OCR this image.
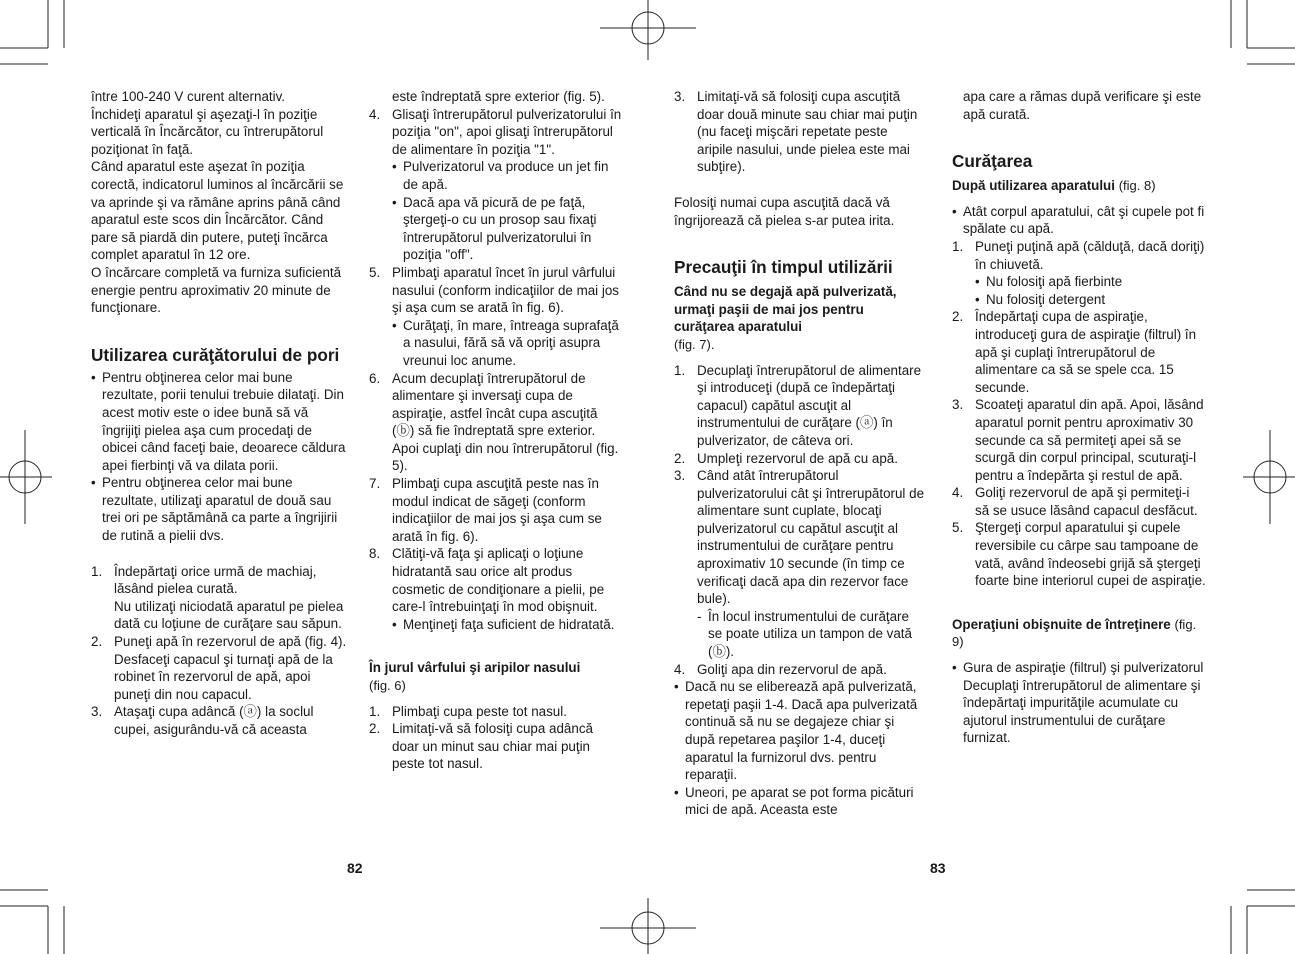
între 100-240 V curent alternativ.

Închideţi aparatul şi aşezaţi-l în poziţie verticală în Încărcător, cu întrerupătorul poziţionat în faţă.

Când aparatul este aşezat în poziţia corectă, indicatorul luminos al încărcării se va aprinde şi va rămâne aprins până când aparatul este scos din Încărcător. Când pare să piardă din putere, puteţi încărca complet aparatul în 12 ore.

O încărcare completă va furniza suficientă energie pentru aproximativ 20 minute de funcţionare.

Utilizarea curăţătorului de pori
• Pentru obţinerea celor mai bune rezultate, porii tenului trebuie dilataţi. Din acest motiv este o idee bună să vă îngrijiţi pielea aşa cum procedaţi de obicei când faceţi baie, deoarece căldura apei fierbinţi vă va dilata porii.
• Pentru obţinerea celor mai bune rezultate, utilizaţi aparatul de două sau trei ori pe săptămână ca parte a îngrijirii de rutină a pielii dvs.
1. Îndepărtaţi orice urmă de machiaj, lăsând pielea curată.
Nu utilizaţi niciodată aparatul pe pielea dată cu loţiune de curăţare sau săpun.
2. Puneţi apă în rezervorul de apă (fig. 4).
Desfaceţi capacul şi turnaţi apă de la robinet în rezervorul de apă, apoi puneţi din nou capacul.
3. Ataşaţi cupa adâncă (ⓐ) la soclul cupei, asigurându-vă că aceasta

este îndreptată spre exterior (fig. 5).

4. Glisaţi întrerupătorul pulverizatorului în poziţia "on", apoi glisaţi întrerupătorul de alimentare în poziţia "1".
• Pulverizatorul va produce un jet fin de apă.
• Dacă apa vă picură de pe faţă, ştergeţi-o cu un prosop sau fixaţi întrerupătorul pulverizatorului în poziţia "off".
5. Plimbaţi aparatul încet în jurul vârfului nasului (conform indicaţiilor de mai jos şi aşa cum se arată în fig. 6).
• Curăţaţi, în mare, întreaga suprafaţă a nasului, fără să vă opriţi asupra vreunui loc anume.
6. Acum decuplaţi întrerupătorul de alimentare şi inversaţi cupa de aspiraţie, astfel încât cupa ascuţită (ⓑ) să fie îndreptată spre exterior. Apoi cuplaţi din nou întrerupătorul (fig. 5).
7. Plimbaţi cupa ascuţită peste nas în modul indicat de săgeţi (conform indicaţiilor de mai jos şi aşa cum se arată în fig. 6).
8. Clătiţi-vă faţa şi aplicaţi o loţiune hidratantă sau orice alt produs cosmetic de condiţionare a pielii, pe care-l întrebuinţaţi în mod obişnuit.
• Menţineţi faţa suficient de hidratată.

În jurul vârfului şi aripilor nasului

(fig. 6)

1. Plimbaţi cupa peste tot nasul.
2. Limitaţi-vă să folosiţi cupa adâncă doar un minut sau chiar mai puţin peste tot nasul.
3. Limitaţi-vă să folosiţi cupa ascuţită doar două minute sau chiar mai puţin (nu faceţi mişcări repetate peste aripile nasului, unde pielea este mai subţire).

Folosiţi numai cupa ascuţită dacă vă îngrijorează că pielea s-ar putea irita.

Precauţii în timpul utilizării

Când nu se degajă apă pulverizată, urmaţi paşii de mai jos pentru curăţarea aparatului

(fig. 7).

1. Decuplaţi întrerupătorul de alimentare şi introduceţi (după ce îndepărtaţi capacul) capătul ascuţit al instrumentului de curăţare (ⓐ) în pulverizator, de câteva ori.
2. Umpleţi rezervorul de apă cu apă.
3. Când atât întrerupătorul pulverizatorului cât şi întrerupătorul de alimentare sunt cuplate, blocaţi pulverizatorul cu capătul ascuţit al instrumentului de curăţare pentru aproximativ 10 secunde (în timp ce verificaţi dacă apa din rezervor face bule).
- În locul instrumentului de curăţare se poate utiliza un tampon de vată (ⓑ).
4. Goliţi apa din rezervorul de apă.
• Dacă nu se eliberează apă pulverizată, repetaţi paşii 1-4. Dacă apa pulverizată continuă să nu se degajeze chiar şi după repetarea paşilor 1-4, duceţi aparatul la furnizorul dvs. pentru reparaţii.
• Uneori, pe aparat se pot forma picături mici de apă. Aceasta este

apa care a rămas după verificare şi este apă curată.

Curăţarea

După utilizarea aparatului (fig. 8)

• Atât corpul aparatului, cât şi cupele pot fi spălate cu apă.
1. Puneţi puţină apă (călduţă, dacă doriţi) în chiuvetă.
• Nu folosiţi apă fierbinte
• Nu folosiţi detergent
2. Îndepărtaţi cupa de aspiraţie, introduceţi gura de aspiraţie (filtrul) în apă şi cuplaţi întrerupătorul de alimentare ca să se spele cca. 15 secunde.
3. Scoateţi aparatul din apă. Apoi, lăsând aparatul pornit pentru aproximativ 30 secunde ca să permiteţi apei să se scurgă din corpul principal, scuturaţi-l pentru a îndepărta şi restul de apă.
4. Goliţi rezervorul de apă şi permiteţi-i să se usuce lăsând capacul desfăcut.
5. Ştergeţi corpul aparatului şi cupele reversibile cu cârpe sau tampoane de vată, având îndeosebi grijă să ştergeţi foarte bine interiorul cupei de aspiraţie.

Operaţiuni obişnuite de întreţinere (fig. 9)

• Gura de aspiraţie (filtrul) şi pulverizatorul
Decuplaţi întrerupătorul de alimentare şi îndepărtaţi impurităţile acumulate cu ajutorul instrumentului de curăţare furnizat.
82	83
